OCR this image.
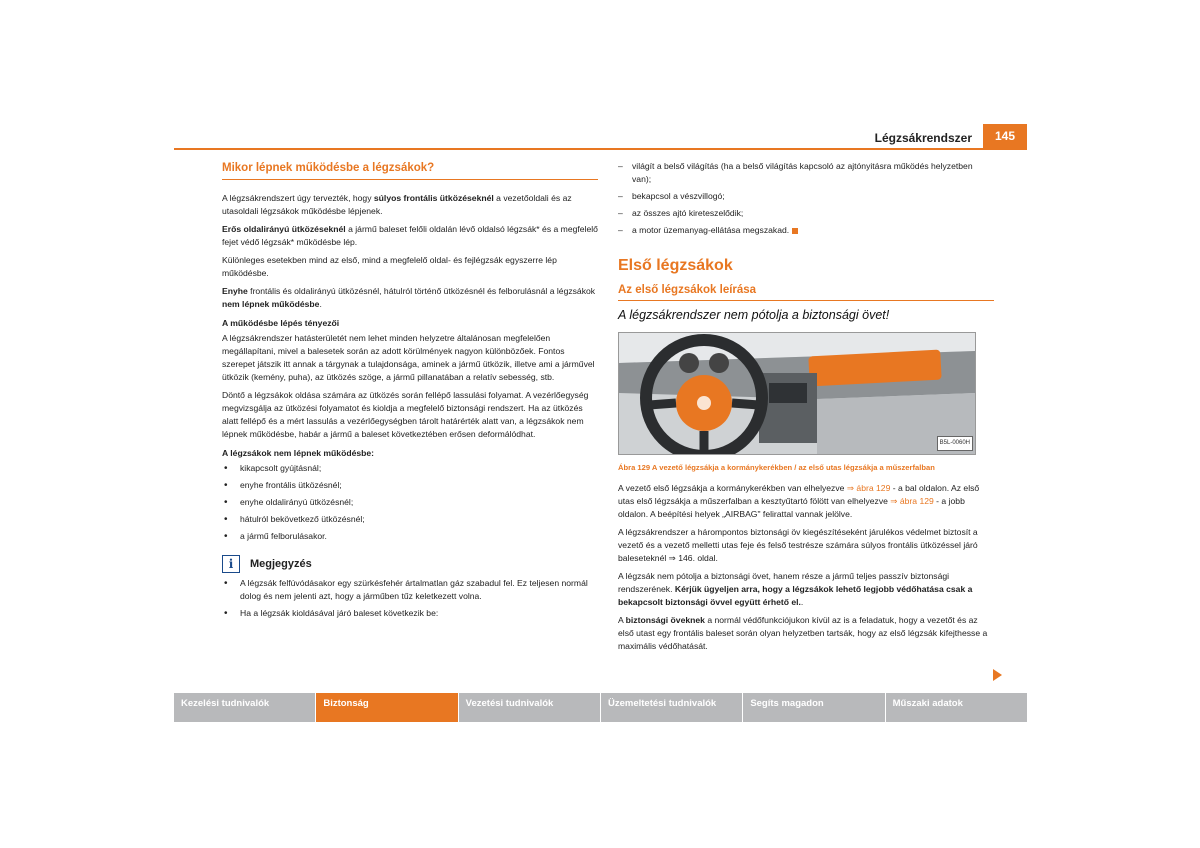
Légzsákrendszer	145
Mikor lépnek működésbe a légzsákok?

A légzsákrendszert úgy tervezték, hogy súlyos frontális ütközéseknél a vezetőoldali és az utasoldali légzsákok működésbe lépjenek.

Erős oldalirányú ütközéseknél a jármű baleset felőli oldalán lévő oldalsó légzsák* és a megfelelő fejet védő légzsák* működésbe lép.

Különleges esetekben mind az első, mind a megfelelő oldal- és fejlégzsák egyszerre lép működésbe.

Enyhe frontális és oldalirányú ütközésnél, hátulról történő ütközésnél és felborulásnál a légzsákok nem lépnek működésbe.

A működésbe lépés tényezői

A légzsákrendszer hatásterületét nem lehet minden helyzetre általánosan megfelelően megállapítani, mivel a balesetek során az adott körülmények nagyon különbözőek. Fontos szerepet játszik itt annak a tárgynak a tulajdonsága, aminek a jármű ütközik, illetve ami a járművel ütközik (kemény, puha), az ütközés szöge, a jármű pillanatában a relatív sebesség, stb.

Döntő a légzsákok oldása számára az ütközés során fellépő lassulási folyamat. A vezérlőegység megvizsgálja az ütközési folyamatot és kioldja a megfelelő biztonsági rendszert. Ha az ütközés alatt fellépő és a mért lassulás a vezérlőegységben tárolt határérték alatt van, a légzsákok nem lépnek működésbe, habár a jármű a baleset következtében erősen deformálódhat.

A légzsákok nem lépnek működésbe:
• kikapcsolt gyújtásnál;
• enyhe frontális ütközésnél;
• enyhe oldalirányú ütközésnél;
• hátulról bekövetkező ütközésnél;
• a jármű felborulásakor.
i	Megjegyzés
• A légzsák felfúvódásakor egy szürkésfehér ártalmatlan gáz szabadul fel. Ez teljesen normál dolog és nem jelenti azt, hogy a járműben tűz keletkezett volna.
• Ha a légzsák kioldásával járó baleset következik be:
– világít a belső világítás (ha a belső világítás kapcsoló az ajtónyitásra működés helyzetben van);
– bekapcsol a vészvillogó;
– az összes ajtó kireteszelődik;
– a motor üzemanyag-ellátása megszakad.
Első légzsákok
Az első légzsákok leírása
A légzsákrendszer nem pótolja a biztonsági övet!
B5L-0060H
Ábra 129 A vezető légzsákja a kormánykerékben / az első utas légzsákja a műszerfalban

A vezető első légzsákja a kormánykerékben van elhelyezve ⇒ ábra 129 - a bal oldalon. Az első utas első légzsákja a műszerfalban a kesztyűtartó fölött van elhelyezve ⇒ ábra 129 - a jobb oldalon. A beépítési helyek „AIRBAG" felirattal vannak jelölve.

A légzsákrendszer a hárompontos biztonsági öv kiegészítéseként járulékos védelmet biztosít a vezető és a vezető melletti utas feje és felső testrésze számára súlyos frontális ütközéssel járó baleseteknél ⇒ 146. oldal.

A légzsák nem pótolja a biztonsági övet, hanem része a jármű teljes passzív biztonsági rendszerének. Kérjük ügyeljen arra, hogy a légzsákok lehető legjobb védőhatása csak a bekapcsolt biztonsági övvel együtt érhető el..

A biztonsági öveknek a normál védőfunkciójukon kívül az is a feladatuk, hogy a vezetőt és az első utast egy frontális baleset során olyan helyzetben tartsák, hogy az első légzsák kifejthesse a maximális védőhatását.

Kezelési tudnivalók	Biztonság	Vezetési tudnivalók	Üzemeltetési tudnivalók	Segíts magadon	Műszaki adatok
